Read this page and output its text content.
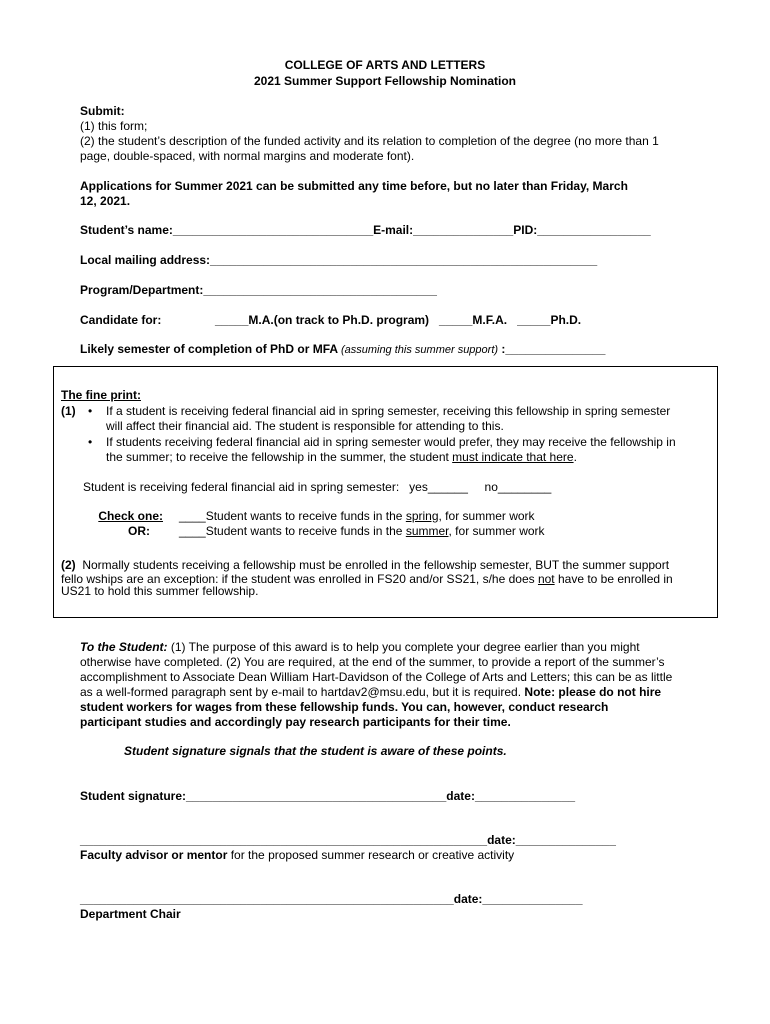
COLLEGE OF ARTS AND LETTERS
2021 Summer Support Fellowship Nomination

Submit:

(1) this form;

(2) the student’s description of the funded activity and its relation to completion of the degree (no more than 1

page, double-spaced, with normal margins and moderate font).

Applications for Summer 2021 can be submitted any time before, but no later than Friday, March

12, 2021.

Student’s name:______________________________E-mail:_______________PID:_________________
Local mailing address:__________________________________________________________
Program/Department:___________________________________
Candidate for:	_____M.A.(on track to Ph.D. program)   _____M.F.A.   _____Ph.D.
Likely semester of completion of PhD or MFA (assuming this summer support) :_______________
The fine print:
(1) • If a student is receiving federal financial aid in spring semester, receiving this fellowship in spring semester

will affect their financial aid. The student is responsible for attending to this.

• If students receiving federal financial aid in spring semester would prefer, they may receive the fellowship in

the summer; to receive the fellowship in the summer, the student must indicate that here.

Student is receiving federal financial aid in spring semester:   yes______     no________
Check one:
OR:
____Student wants to receive funds in the spring, for summer work
____Student wants to receive funds in the summer, for summer work

(2)  Normally students receiving a fellowship must be enrolled in the fellowship semester, BUT the summer support

fello wships are an exception: if the student was enrolled in FS20 and/or SS21, s/he does not have to be enrolled in

US21 to hold this summer fellowship.

To the Student: (1) The purpose of this award is to help you complete your degree earlier than you might

otherwise have completed. (2) You are required, at the end of the summer, to provide a report of the summer’s

accomplishment to Associate Dean William Hart-Davidson of the College of Arts and Letters; this can be as little

as a well-formed paragraph sent by e-mail to hartdav2@msu.edu, but it is required. Note: please do not hire

student workers for wages from these fellowship funds. You can, however, conduct research

participant studies and accordingly pay research participants for their time.

Student signature signals that the student is aware of these points.
Student signature:_______________________________________date:_______________
_____________________________________________________________date:_______________
Faculty advisor or mentor for the proposed summer research or creative activity
________________________________________________________date:_______________
Department Chair
